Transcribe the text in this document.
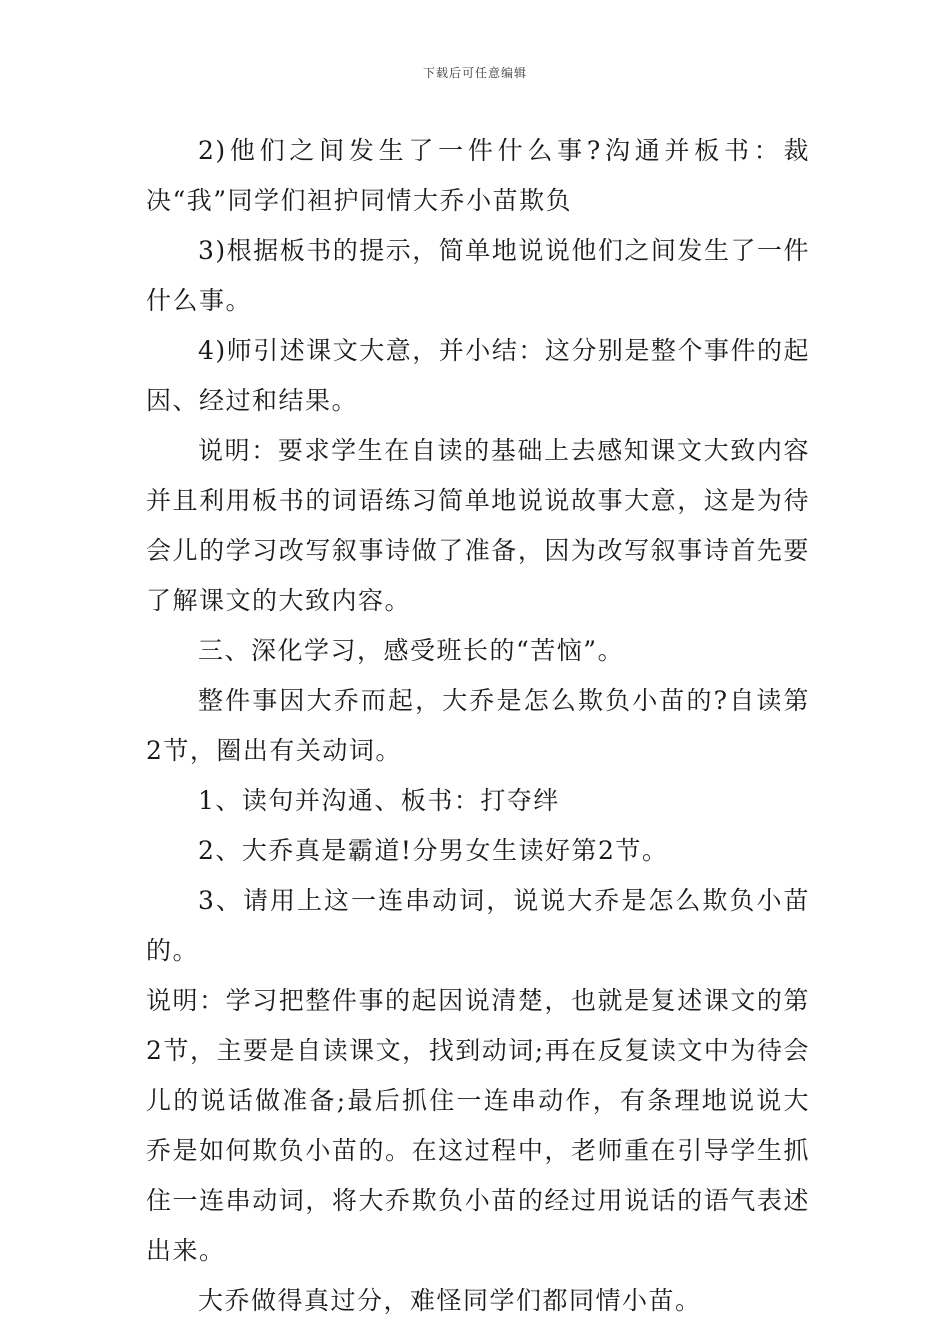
下载后可任意编辑

2)他们之间发生了一件什么事?沟通并板书：裁决“我”同学们袒护同情大乔小苗欺负

3)根据板书的提示，简单地说说他们之间发生了一件什么事。

4)师引述课文大意，并小结：这分别是整个事件的起因、经过和结果。

说明：要求学生在自读的基础上去感知课文大致内容并且利用板书的词语练习简单地说说故事大意，这是为待会儿的学习改写叙事诗做了准备，因为改写叙事诗首先要了解课文的大致内容。

三、深化学习，感受班长的“苦恼”。

整件事因大乔而起，大乔是怎么欺负小苗的?自读第2节，圈出有关动词。

1、读句并沟通、板书：打夺绊

2、大乔真是霸道!分男女生读好第2节。

3、请用上这一连串动词，说说大乔是怎么欺负小苗的。

说明：学习把整件事的起因说清楚，也就是复述课文的第2节，主要是自读课文，找到动词;再在反复读文中为待会儿的说话做准备;最后抓住一连串动作，有条理地说说大乔是如何欺负小苗的。在这过程中，老师重在引导学生抓住一连串动词，将大乔欺负小苗的经过用说话的语气表述出来。

大乔做得真过分，难怪同学们都同情小苗。
